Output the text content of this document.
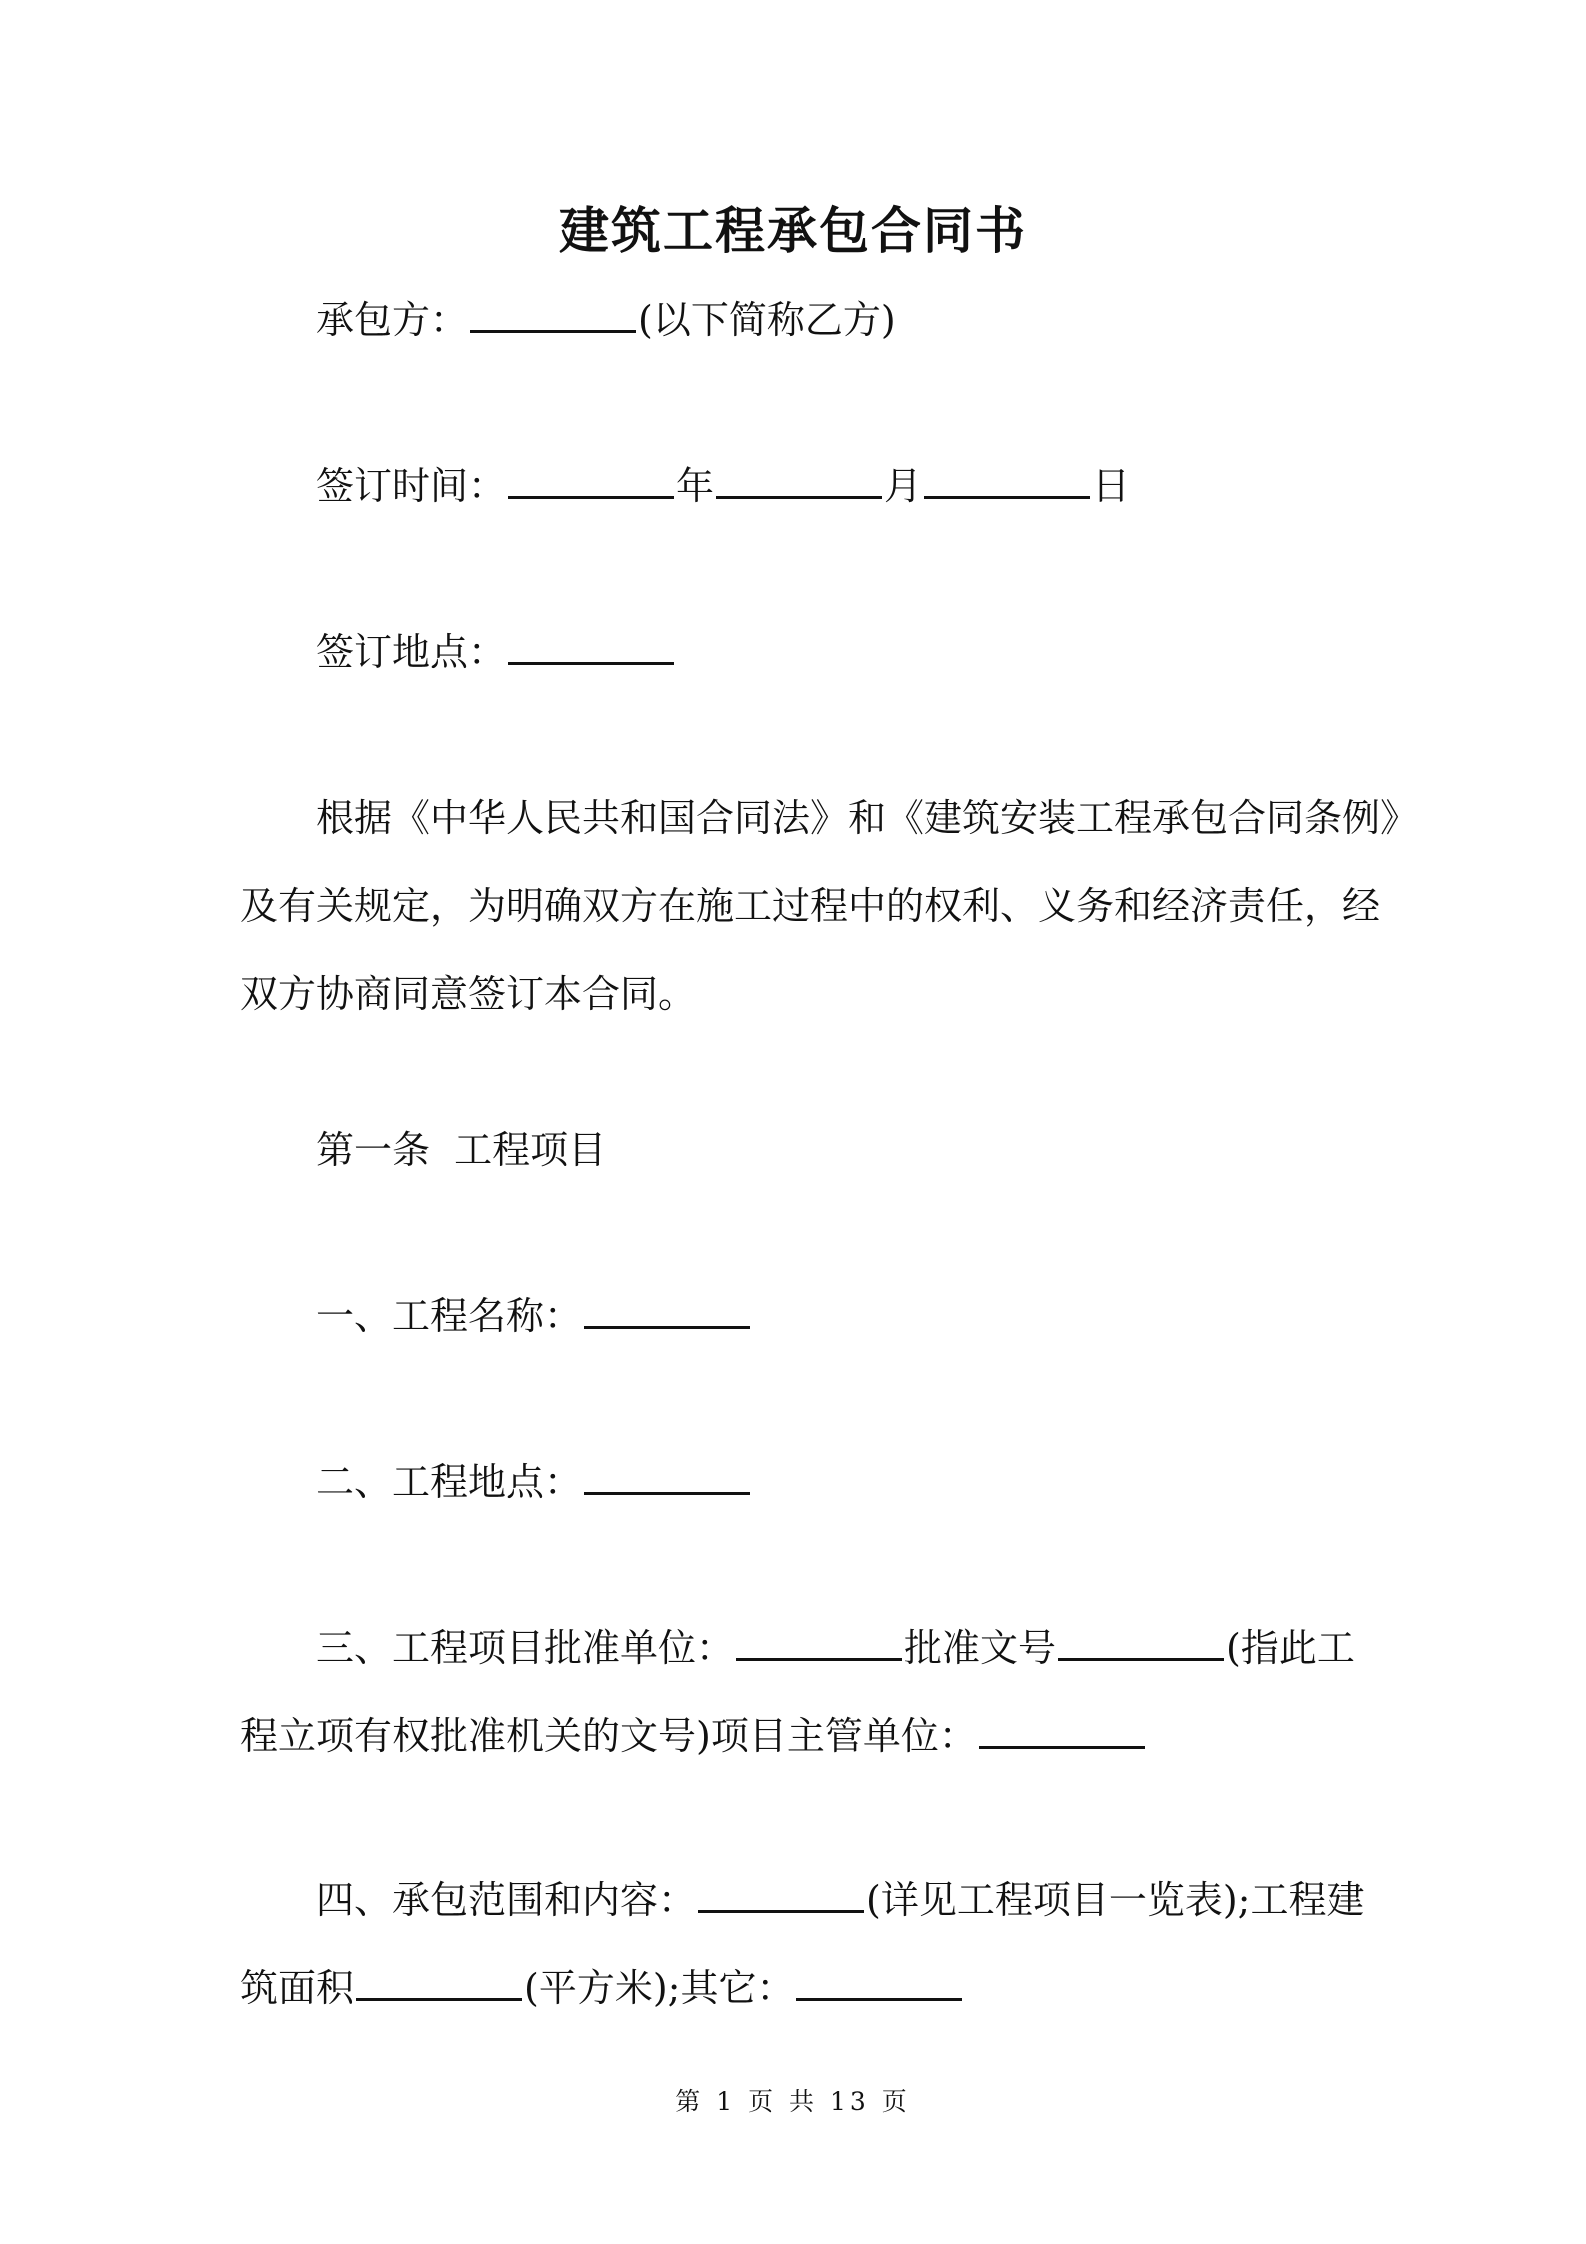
建筑工程承包合同书
承包方：	(以下简称乙方)
签订时间：	年	月	日
签订地点：
根据《中华人民共和国合同法》和《建筑安装工程承包合同条例》
及有关规定，为明确双方在施工过程中的权利、义务和经济责任，经
双方协商同意签订本合同。
第一条  工程项目
一、工程名称：
二、工程地点：
三、工程项目批准单位：	批准文号	(指此工
程立项有权批准机关的文号)项目主管单位：
四、承包范围和内容：	(详见工程项目一览表);工程建
筑面积	(平方米);其它：
第 1 页 共 13 页
